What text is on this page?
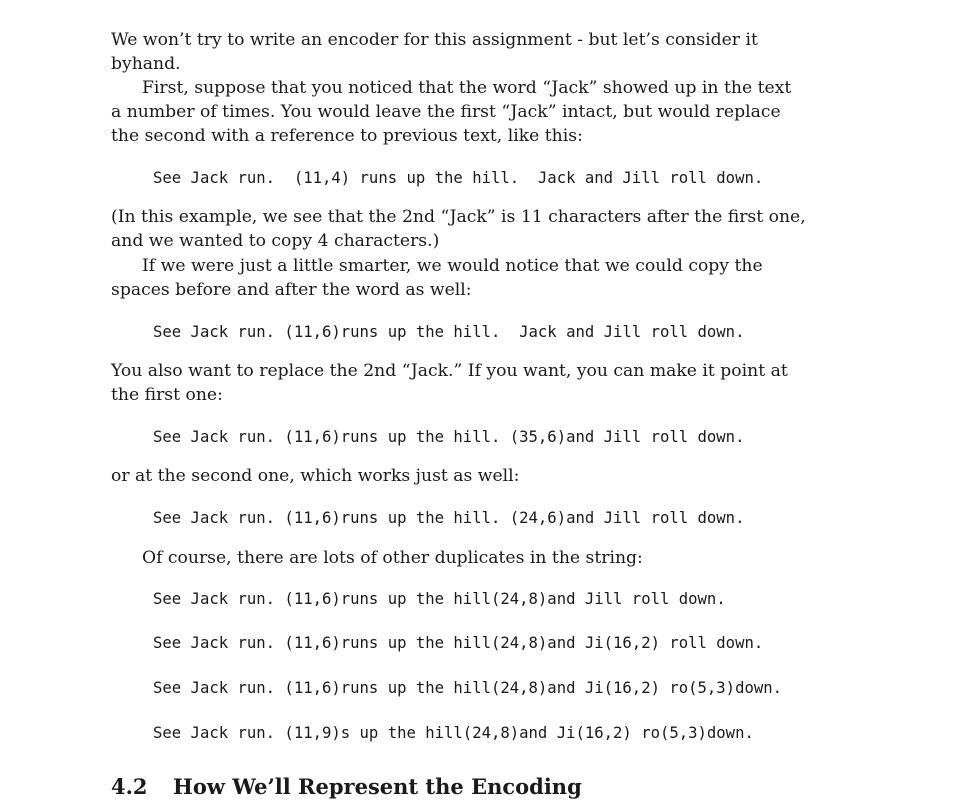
We won’t try to write an encoder for this assignment - but let’s consider it
byhand.

First, suppose that you noticed that the word “Jack” showed up in the text
a number of times. You would leave the first “Jack” intact, but would replace
the second with a reference to previous text, like this:

See Jack run.  (11,4) runs up the hill.  Jack and Jill roll down.

(In this example, we see that the 2nd “Jack” is 11 characters after the first one,
and we wanted to copy 4 characters.)

If we were just a little smarter, we would notice that we could copy the
spaces before and after the word as well:

See Jack run. (11,6)runs up the hill.  Jack and Jill roll down.

You also want to replace the 2nd “Jack.” If you want, you can make it point at
the first one:

See Jack run. (11,6)runs up the hill. (35,6)and Jill roll down.

or at the second one, which works just as well:

See Jack run. (11,6)runs up the hill. (24,6)and Jill roll down.

Of course, there are lots of other duplicates in the string:

See Jack run. (11,6)runs up the hill(24,8)and Jill roll down.
See Jack run. (11,6)runs up the hill(24,8)and Ji(16,2) roll down.
See Jack run. (11,6)runs up the hill(24,8)and Ji(16,2) ro(5,3)down.
See Jack run. (11,9)s up the hill(24,8)and Ji(16,2) ro(5,3)down.
4.2 How We’ll Represent the Encoding
